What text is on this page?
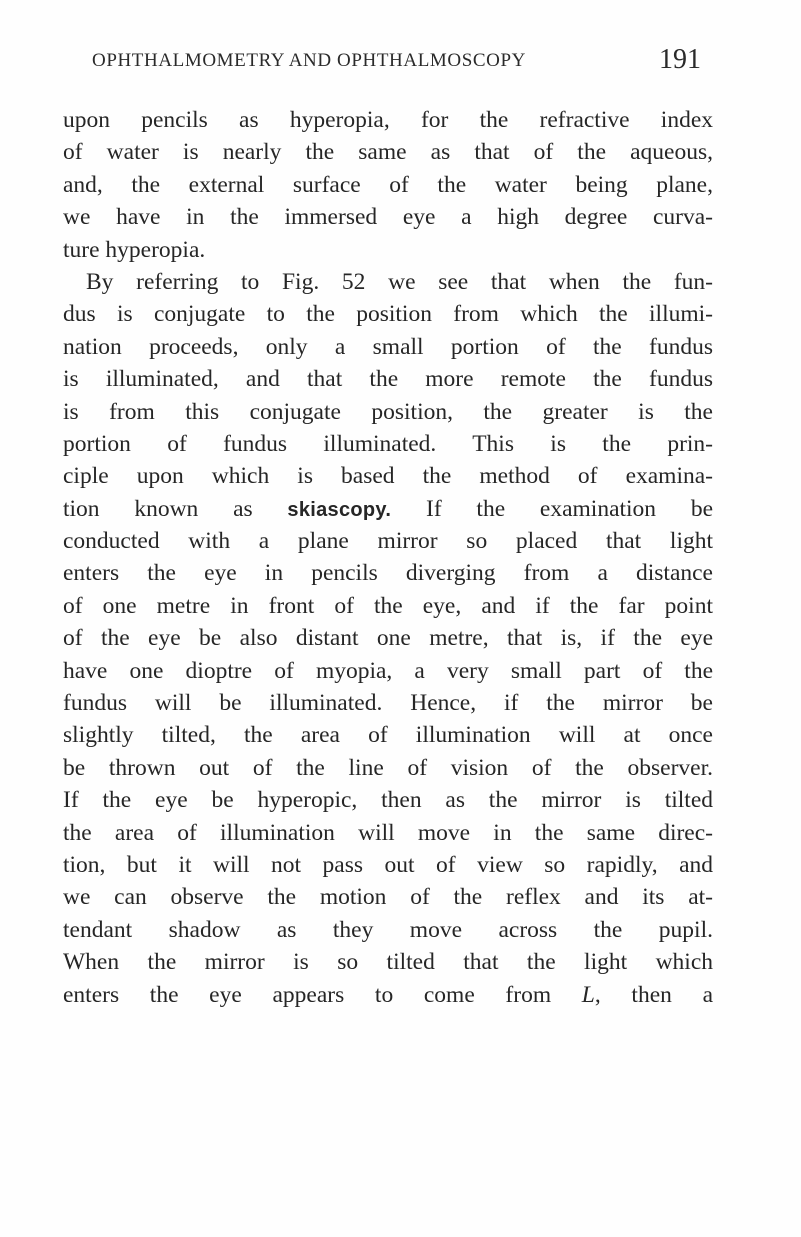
OPHTHALMOMETRY AND OPHTHALMOSCOPY	191
upon pencils as hyperopia, for the refractive index
of water is nearly the same as that of the aqueous,
and, the external surface of the water being plane,
we have in the immersed eye a high degree curva-
ture hyperopia.
By referring to Fig. 52 we see that when the fun-
dus is conjugate to the position from which the illumi-
nation proceeds, only a small portion of the fundus
is illuminated, and that the more remote the fundus
is from this conjugate position, the greater is the
portion of fundus illuminated. This is the prin-
ciple upon which is based the method of examina-
tion known as skiascopy. If the examination be
conducted with a plane mirror so placed that light
enters the eye in pencils diverging from a distance
of one metre in front of the eye, and if the far point
of the eye be also distant one metre, that is, if the eye
have one dioptre of myopia, a very small part of the
fundus will be illuminated. Hence, if the mirror be
slightly tilted, the area of illumination will at once
be thrown out of the line of vision of the observer.
If the eye be hyperopic, then as the mirror is tilted
the area of illumination will move in the same direc-
tion, but it will not pass out of view so rapidly, and
we can observe the motion of the reflex and its at-
tendant shadow as they move across the pupil.
When the mirror is so tilted that the light which
enters the eye appears to come from L, then a
